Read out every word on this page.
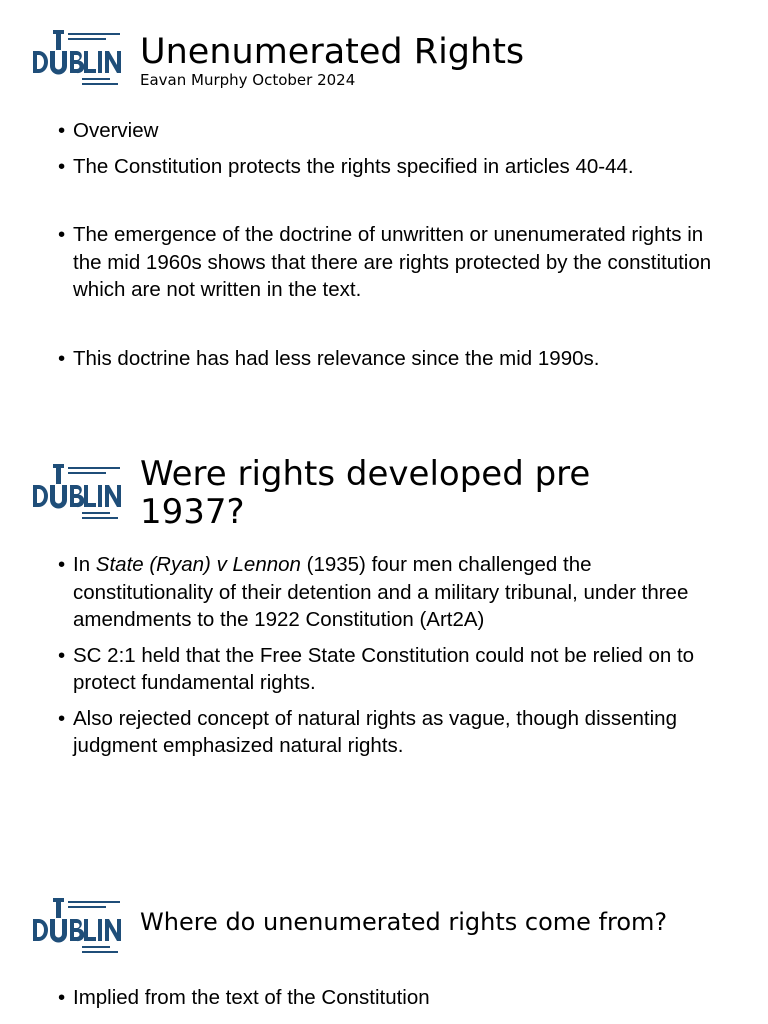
Unenumerated Rights
Eavan Murphy October 2024
• Overview
• The Constitution protects the rights specified in articles 40-44.
• The emergence of the doctrine of unwritten or unenumerated rights in the mid 1960s shows that there are rights protected by the constitution which are not written in the text.
• This doctrine has had less relevance since the mid 1990s.
Were rights developed pre 1937?
• In State (Ryan) v Lennon (1935) four men challenged the constitutionality of their detention and a military tribunal, under three amendments to the 1922 Constitution (Art2A)
• SC 2:1 held that the Free State Constitution could not be relied on to protect fundamental rights.
• Also rejected concept of natural rights as vague, though dissenting judgment emphasized natural rights.
Where do unenumerated rights come from?
• Implied from the text of the Constitution
